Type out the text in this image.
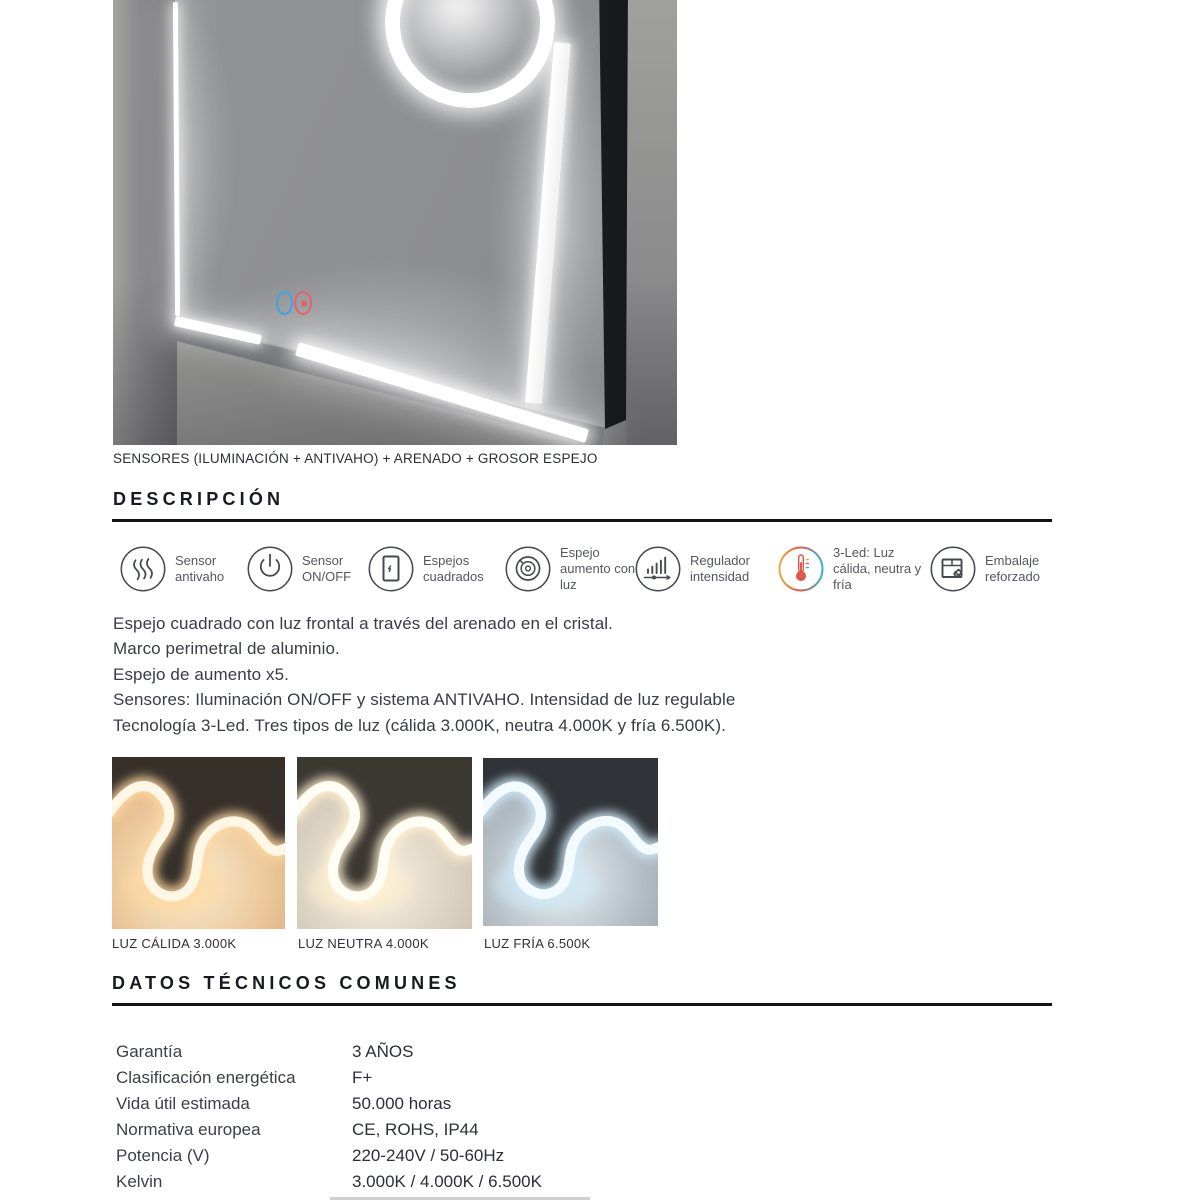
SENSORES (ILUMINACIÓN + ANTIVAHO) + ARENADO + GROSOR ESPEJO
DESCRIPCIÓN
Sensor antivaho
Sensor ON/OFF
Espejos cuadrados
Espejo aumento con luz
Regulador intensidad
3-Led: Luz cálida, neutra y fría
Embalaje reforzado
Espejo cuadrado con luz frontal a través del arenado en el cristal.
Marco perimetral de aluminio.
Espejo de aumento x5.
Sensores: Iluminación ON/OFF y sistema ANTIVAHO. Intensidad de luz regulable
Tecnología 3-Led. Tres tipos de luz (cálida 3.000K, neutra 4.000K y fría 6.500K).
LUZ CÁLIDA 3.000K	LUZ NEUTRA 4.000K	LUZ FRÍA 6.500K
DATOS TÉCNICOS COMUNES
Garantía	3 AÑOS
Clasificación energética	F+
Vida útil estimada	50.000 horas
Normativa europea	CE, ROHS, IP44
Potencia (V)	220-240V / 50-60Hz
Kelvin	3.000K / 4.000K / 6.500K
